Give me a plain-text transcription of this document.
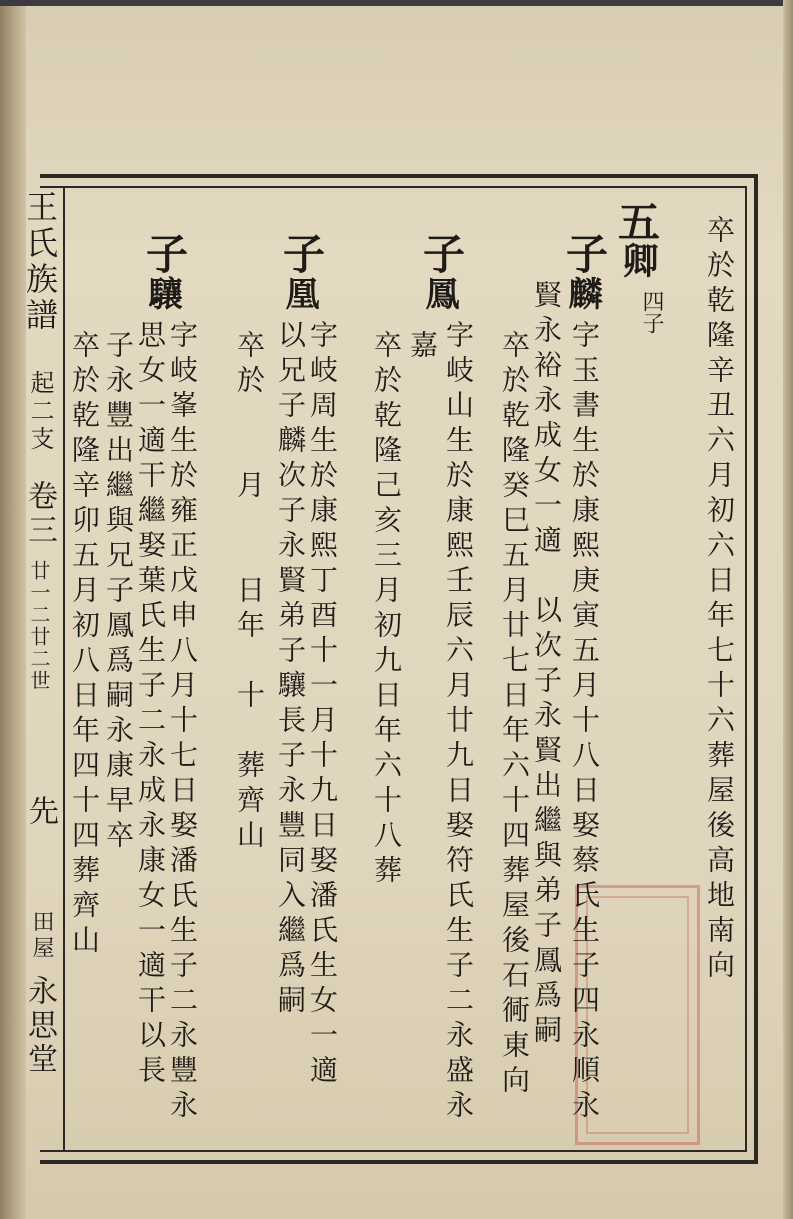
王氏族譜
起二支
卷三
廿一二廿二世
先
田屋
永思堂
卒於乾隆辛丑六月初六日年七十六葬屋後高地南向
五
卿
四子
子
麟
字玉書生於康熙庚寅五月十八日娶蔡氏生子四永順永
賢永裕永成女一適　以次子永賢出繼與弟子鳳爲嗣
卒於乾隆癸巳五月廿七日年六十四葬屋後石衕東向
子
鳳
字岐山生於康熙壬辰六月廿九日娶符氏生子二永盛永
嘉
卒於乾隆己亥三月初九日年六十八葬
子
凰
字岐周生於康熙丁酉十一月十九日娶潘氏生女一適
以兄子麟次子永賢弟子驤長子永豐同入繼爲嗣
卒於　　月　　日年　十　葬齊山
子
驤
字岐峯生於雍正戊申八月十七日娶潘氏生子二永豐永
思女一適干繼娶葉氏生子二永成永康女一適干以長
子永豐出繼與兄子鳳爲嗣永康早卒
卒於乾隆辛卯五月初八日年四十四葬齊山
